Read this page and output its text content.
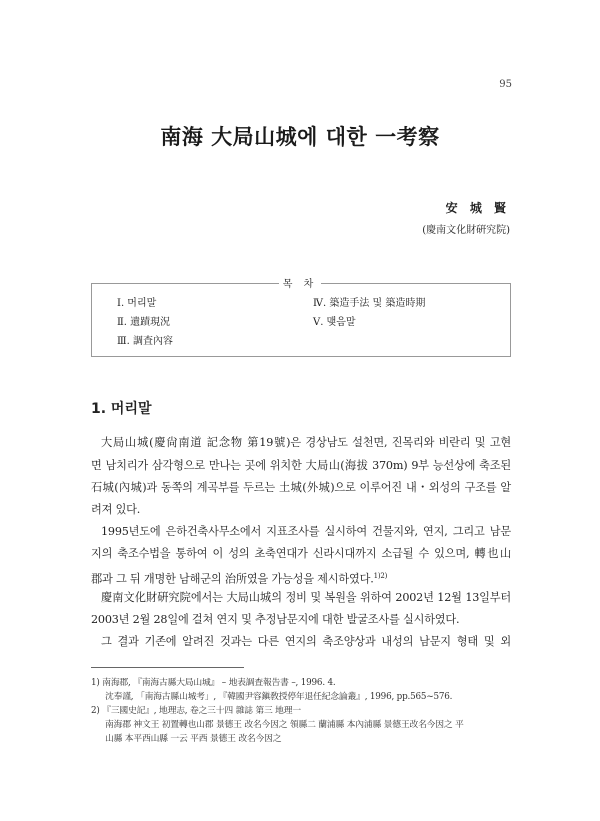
95
南海 大局山城에 대한 一考察
安 城 賢
(慶南文化財硏究院)
목 차
Ⅰ. 머리말
Ⅱ. 遺蹟現況
Ⅲ. 調査內容
Ⅳ. 築造手法 및 築造時期
Ⅴ. 맺음말
1. 머리말
大局山城(慶尙南道 記念物 第19號)은 경상남도 설천면, 진목리와 비란리 및 고현
면 남치리가 삼각형으로 만나는 곳에 위치한 大局山(海拔 370m) 9부 능선상에 축조된
石城(內城)과 동쪽의 계곡부를 두르는 土城(外城)으로 이루어진 내・외성의 구조를 알
려져 있다.
1995년도에 은하건축사무소에서 지표조사를 실시하여 건물지와, 연지, 그리고 남문
지의 축조수법을 통하여 이 성의 초축연대가 신라시대까지 소급될 수 있으며, 轉也山
郡과 그 뒤 개명한 남해군의 治所였을 가능성을 제시하였다.$^{1)2)}$
慶南文化財硏究院에서는 大局山城의 정비 및 복원을 위하여 2002년 12월 13일부터
2003년 2월 28일에 걸쳐 연지 및 추정남문지에 대한 발굴조사를 실시하였다.
그 결과 기존에 알려진 것과는 다른 연지의 축조양상과 내성의 남문지 형태 및 외
1) 南海郡, 『南海古縣大局山城』 – 地表調査報告書 –, 1996. 4.
沈奉謹, 「南海古縣山城考」, 『韓國尹容鎭敎授停年退任紀念論叢』, 1996, pp.565~576.
2) 『三國史記』, 地理志, 卷之三十四 雜誌 第三 地理一
南海郡 神文王 初置轉也山郡 景德王 改名今因之 領縣二 蘭浦縣 本內浦縣 景德王改名今因之 平
山縣 本平西山縣 一云 平西 景德王 改名今因之
